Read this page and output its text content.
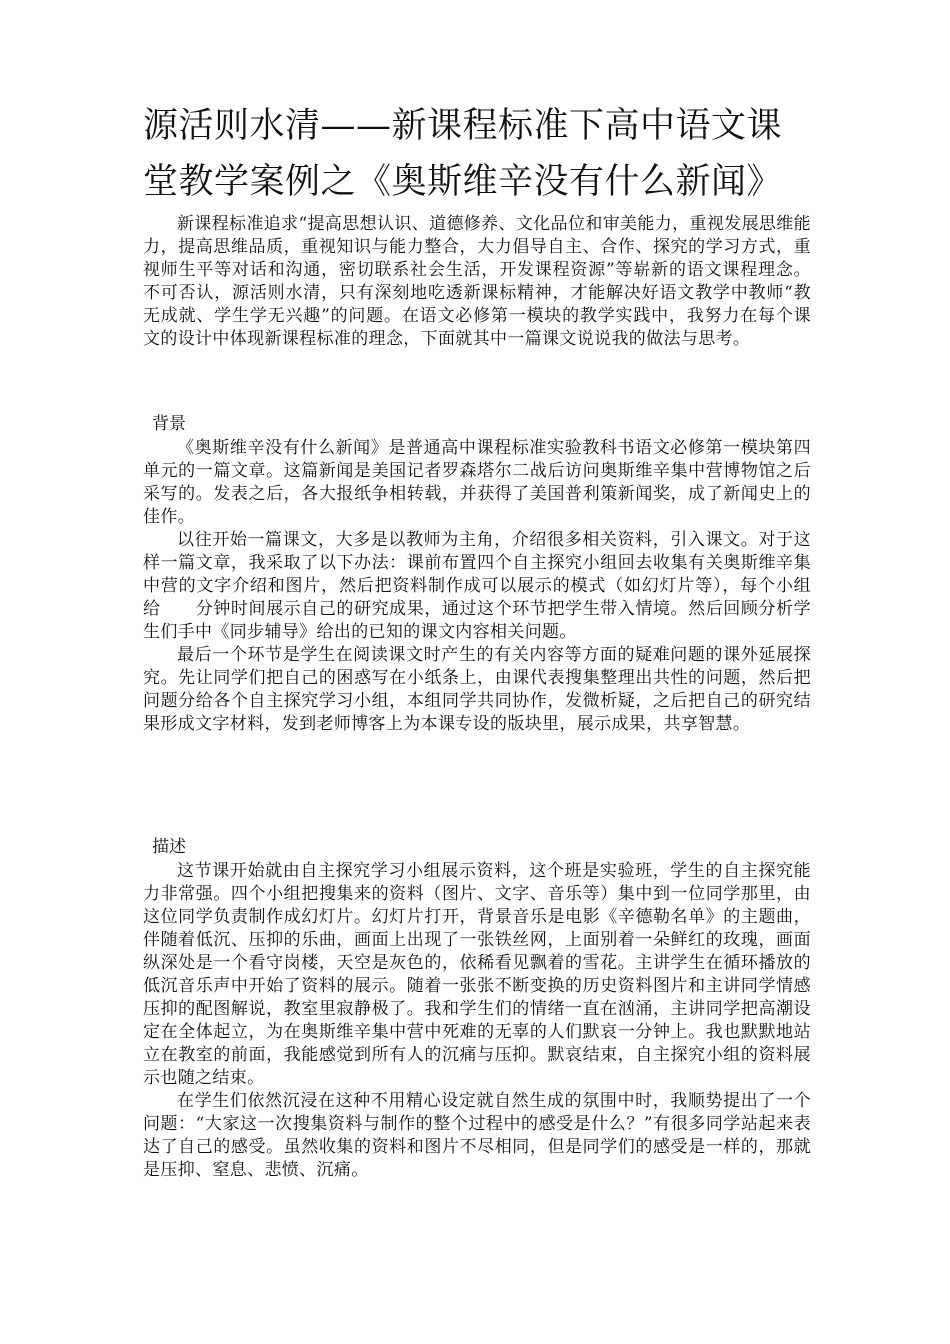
源活则水清——新课程标准下高中语文课堂教学案例之《奥斯维辛没有什么新闻》

新课程标准追求“提高思想认识、道德修养、文化品位和审美能力，重视发展思维能力，提高思维品质，重视知识与能力整合，大力倡导自主、合作、探究的学习方式，重视师生平等对话和沟通，密切联系社会生活，开发课程资源”等崭新的语文课程理念。不可否认，源活则水清，只有深刻地吃透新课标精神，才能解决好语文教学中教师“教无成就、学生学无兴趣”的问题。在语文必修第一模块的教学实践中，我努力在每个课文的设计中体现新课程标准的理念，下面就其中一篇课文说说我的做法与思考。

背景

《奥斯维辛没有什么新闻》是普通高中课程标准实验教科书语文必修第一模块第四单元的一篇文章。这篇新闻是美国记者罗森塔尔二战后访问奥斯维辛集中营博物馆之后采写的。发表之后，各大报纸争相转载，并获得了美国普利策新闻奖，成了新闻史上的佳作。

以往开始一篇课文，大多是以教师为主角，介绍很多相关资料，引入课文。对于这样一篇文章，我采取了以下办法：课前布置四个自主探究小组回去收集有关奥斯维辛集中营的文字介绍和图片，然后把资料制作成可以展示的模式（如幻灯片等），每个小组给　　分钟时间展示自己的研究成果，通过这个环节把学生带入情境。然后回顾分析学生们手中《同步辅导》给出的已知的课文内容相关问题。

最后一个环节是学生在阅读课文时产生的有关内容等方面的疑难问题的课外延展探究。先让同学们把自己的困惑写在小纸条上，由课代表搜集整理出共性的问题，然后把问题分给各个自主探究学习小组，本组同学共同协作，发微析疑，之后把自己的研究结果形成文字材料，发到老师博客上为本课专设的版块里，展示成果，共享智慧。

描述

这节课开始就由自主探究学习小组展示资料，这个班是实验班，学生的自主探究能力非常强。四个小组把搜集来的资料（图片、文字、音乐等）集中到一位同学那里，由这位同学负责制作成幻灯片。幻灯片打开，背景音乐是电影《辛德勒名单》的主题曲，伴随着低沉、压抑的乐曲，画面上出现了一张铁丝网，上面别着一朵鲜红的玫瑰，画面纵深处是一个看守岗楼，天空是灰色的，依稀看见飘着的雪花。主讲学生在循环播放的低沉音乐声中开始了资料的展示。随着一张张不断变换的历史资料图片和主讲同学情感压抑的配图解说，教室里寂静极了。我和学生们的情绪一直在汹涌，主讲同学把高潮设定在全体起立，为在奥斯维辛集中营中死难的无辜的人们默哀一分钟上。我也默默地站立在教室的前面，我能感觉到所有人的沉痛与压抑。默哀结束，自主探究小组的资料展示也随之结束。

在学生们依然沉浸在这种不用精心设定就自然生成的氛围中时，我顺势提出了一个问题：“大家这一次搜集资料与制作的整个过程中的感受是什么？”有很多同学站起来表达了自己的感受。虽然收集的资料和图片不尽相同，但是同学们的感受是一样的，那就是压抑、窒息、悲愤、沉痛。
